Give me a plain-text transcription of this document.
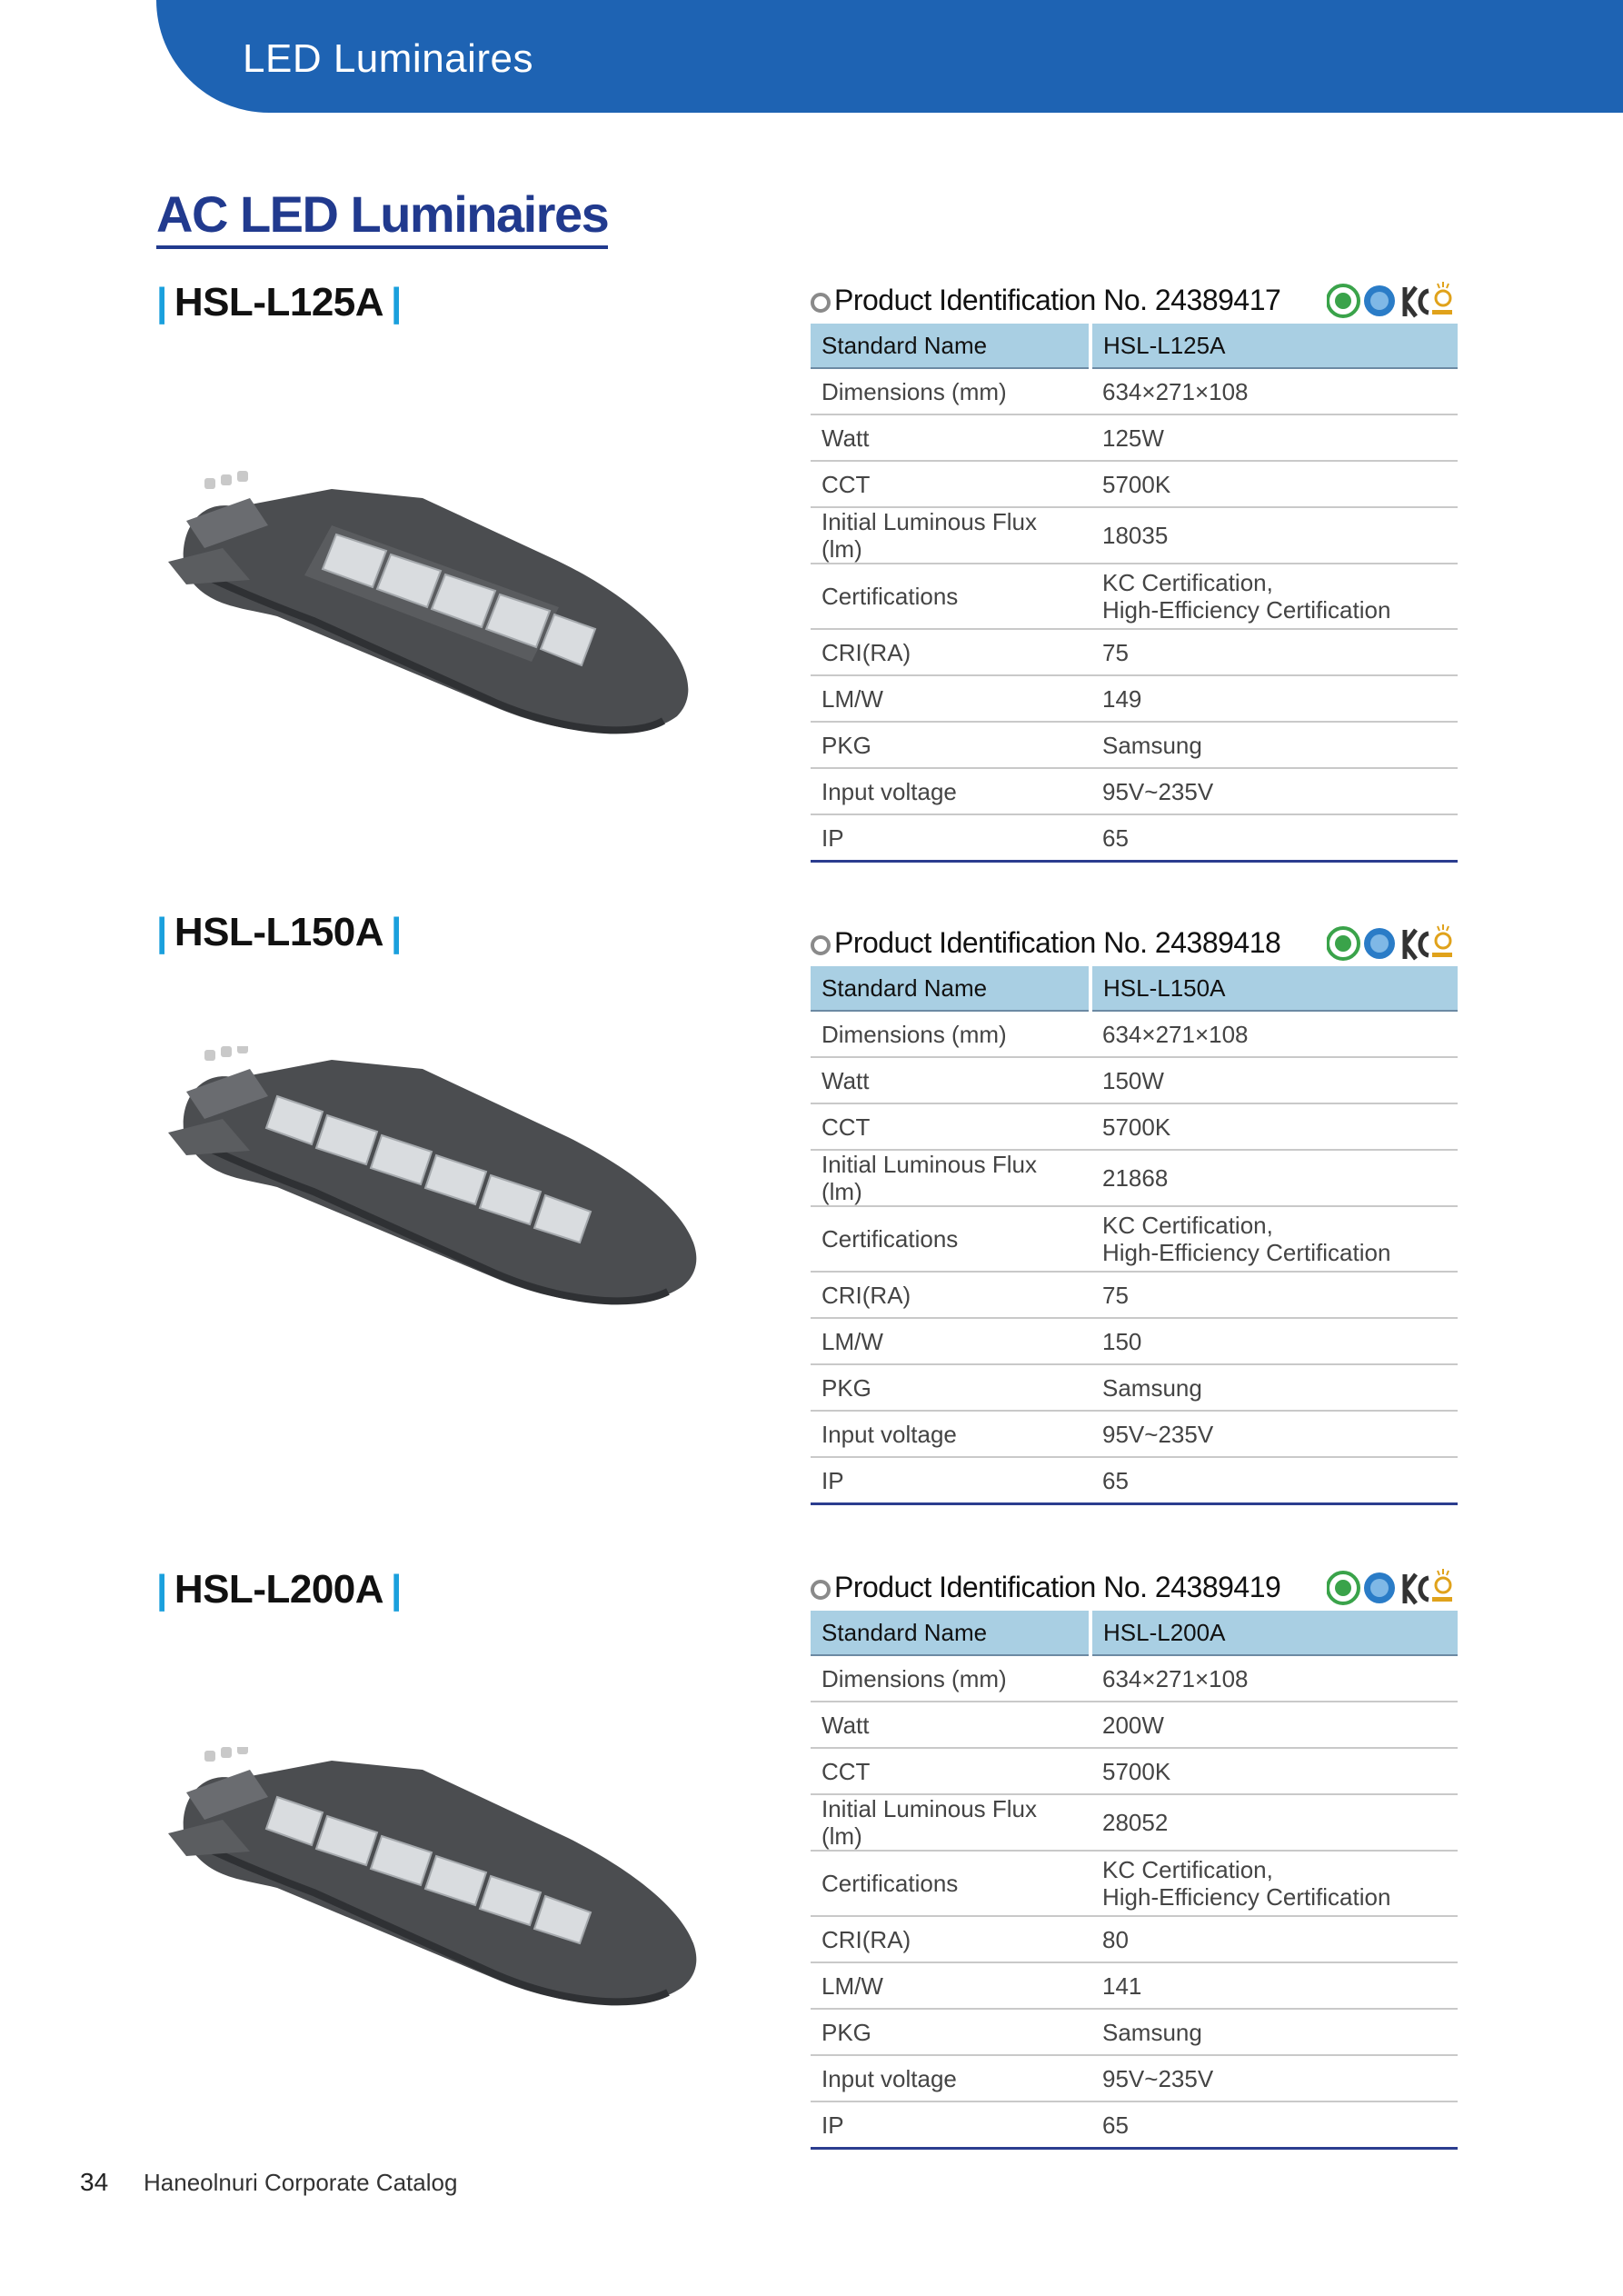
LED Luminaires
AC LED Luminaires
| HSL-L125A |	Product Identification No. 24389417
Standard Name	HSL-L125A
Dimensions (mm)	634×271×108
Watt	125W
CCT	5700K
Initial Luminous Flux (lm)	18035
Certifications	KC Certification,
High-Efficiency Certification

CRI(RA)	75
LM/W	149
PKG	Samsung
Input voltage	95V~235V
IP	65
| HSL-L150A |	Product Identification No. 24389418
Standard Name	HSL-L150A
Dimensions (mm)	634×271×108
Watt	150W
CCT	5700K
Initial Luminous Flux (lm)	21868
Certifications	KC Certification,
High-Efficiency Certification

CRI(RA)	75
LM/W	150
PKG	Samsung
Input voltage	95V~235V
IP	65
| HSL-L200A |	Product Identification No. 24389419
Standard Name	HSL-L200A
Dimensions (mm)	634×271×108
Watt	200W
CCT	5700K
Initial Luminous Flux (lm)	28052
Certifications	KC Certification,
High-Efficiency Certification

CRI(RA)	80
LM/W	141
PKG	Samsung
Input voltage	95V~235V
IP	65
34 Haneolnuri Corporate Catalog
